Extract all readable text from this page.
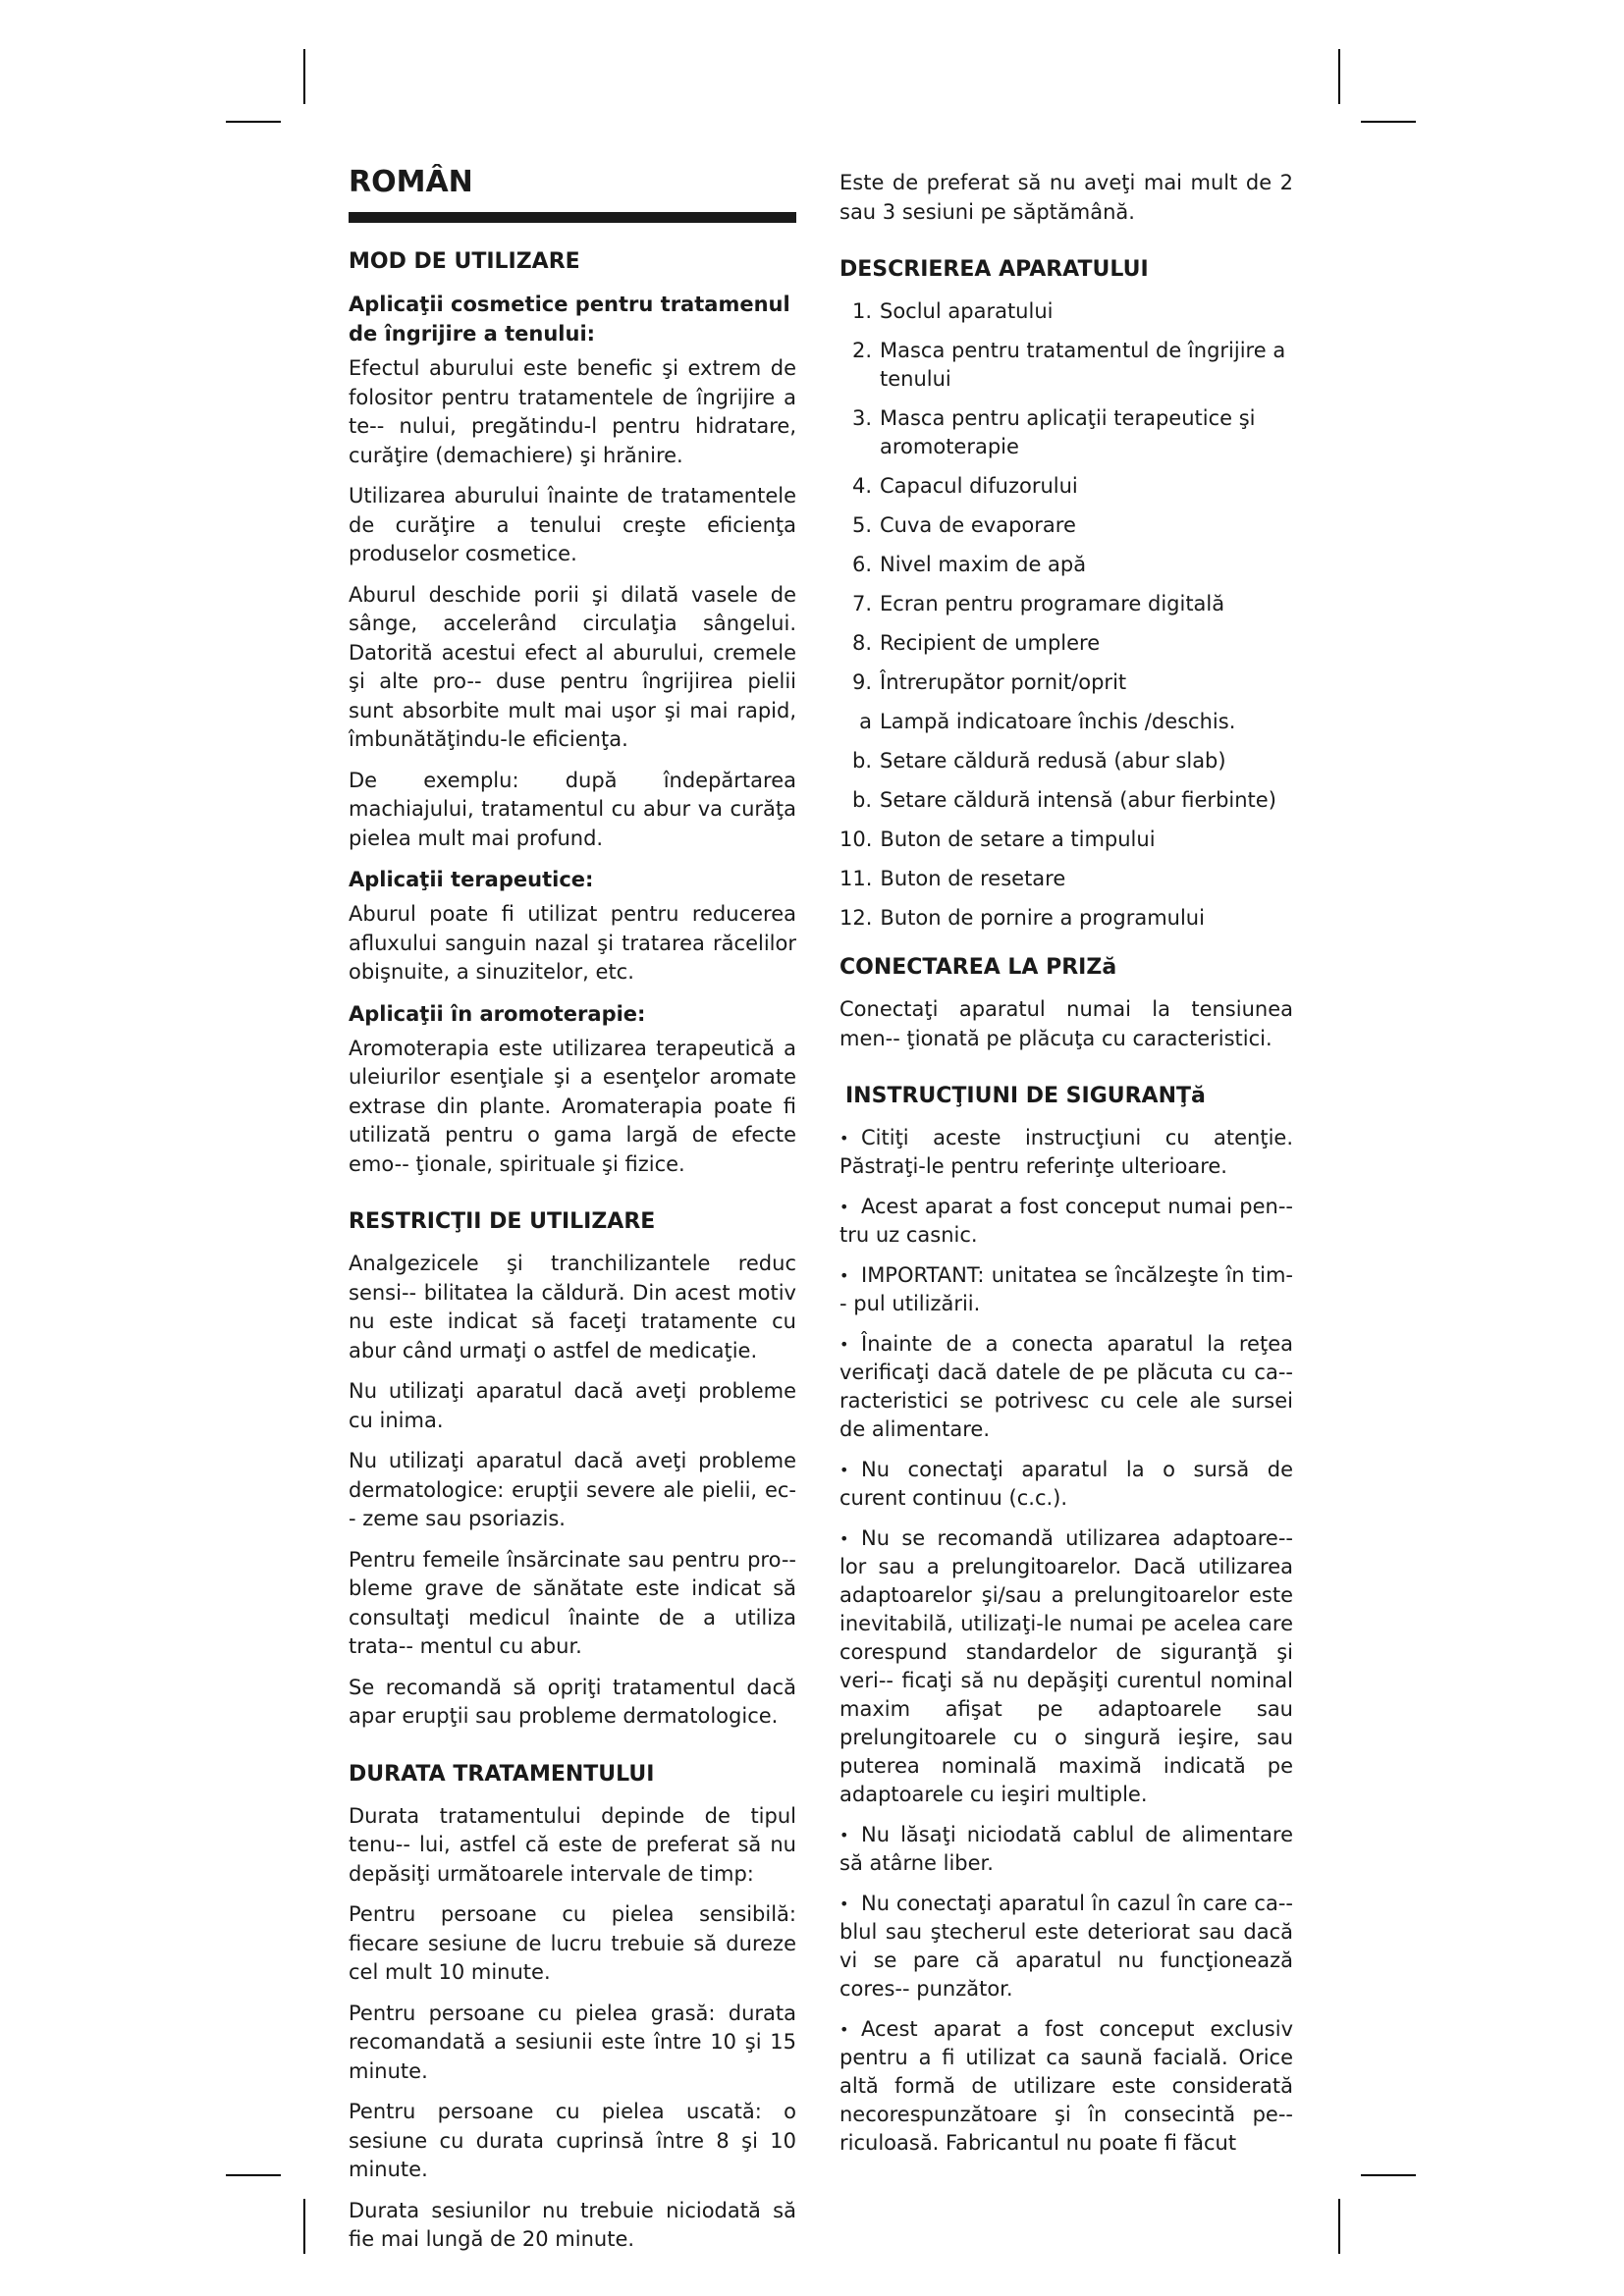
ROMÂN
MOD DE UTILIZARE
Aplicaţii cosmetice pentru tratamenul de îngrijire a tenului:

Efectul aburului este benefic şi extrem de folositor pentru tratamentele de îngrijire a te-- nului, pregătindu-l pentru hidratare, curăţire (demachiere) şi hrănire.

Utilizarea aburului înainte de tratamentele de curăţire a tenului creşte eficienţa produselor cosmetice.

Aburul deschide porii şi dilată vasele de sânge, accelerând circulaţia sângelui. Datorită acestui efect al aburului, cremele şi alte pro-- duse pentru îngrijirea pielii sunt absorbite mult mai uşor şi mai rapid, îmbunătăţindu-le eficienţa.

De exemplu: după îndepărtarea machiajului, tratamentul cu abur va curăţa pielea mult mai profund.

Aplicaţii terapeutice:

Aburul poate fi utilizat pentru reducerea afluxului sanguin nazal şi tratarea răcelilor obişnuite, a sinuzitelor, etc.

Aplicaţii în aromoterapie:

Aromoterapia este utilizarea terapeutică a uleiurilor esenţiale şi a esenţelor aromate extrase din plante. Aromaterapia poate fi utilizată pentru o gama largă de efecte emo-- ţionale, spirituale şi fizice.

RESTRICŢII DE UTILIZARE

Analgezicele şi tranchilizantele reduc sensi-- bilitatea la căldură. Din acest motiv nu este indicat să faceţi tratamente cu abur când urmaţi o astfel de medicaţie.

Nu utilizaţi aparatul dacă aveţi probleme cu inima.

Nu utilizaţi aparatul dacă aveţi probleme dermatologice: erupţii severe ale pielii, ec-- zeme sau psoriazis.

Pentru femeile însărcinate sau pentru pro-- bleme grave de sănătate este indicat să consultaţi medicul înainte de a utiliza trata-- mentul cu abur.

Se recomandă să opriţi tratamentul dacă apar erupţii sau probleme dermatologice.

DURATA TRATAMENTULUI

Durata tratamentului depinde de tipul tenu-- lui, astfel că este de preferat să nu depăsiţi următoarele intervale de timp:

Pentru persoane cu pielea sensibilă: fiecare sesiune de lucru trebuie să dureze cel mult 10 minute.

Pentru persoane cu pielea grasă: durata recomandată a sesiunii este între 10 şi 15 minute.

Pentru persoane cu pielea uscată: o sesiune cu durata cuprinsă între 8 şi 10 minute.

Durata sesiunilor nu trebuie niciodată să fie mai lungă de 20 minute.

Este de preferat să nu aveţi mai mult de 2 sau 3 sesiuni pe săptămână.

DESCRIEREA APARATULUI
1. Soclul aparatului
2. Masca pentru tratamentul de îngrijire a tenului
3. Masca pentru aplicaţii terapeutice şi aromoterapie
4. Capacul difuzorului
5. Cuva de evaporare
6. Nivel maxim de apă
7. Ecran pentru programare digitală
8. Recipient de umplere
9. Întrerupător pornit/oprit
a Lampă indicatoare închis /deschis.
b. Setare căldură redusă (abur slab)
b. Setare căldură intensă (abur fierbinte)
10. Buton de setare a timpului
11. Buton de resetare
12. Buton de pornire a programului
CONECTAREA LA PRIZă

Conectaţi aparatul numai la tensiunea men-- ţionată pe plăcuţa cu caracteristici.

INSTRUCŢIUNI DE SIGURANŢă
• Citiţi aceste instrucţiuni cu atenţie. Păstraţi-le pentru referinţe ulterioare.
• Acest aparat a fost conceput numai pen-- tru uz casnic.
• IMPORTANT: unitatea se încălzeşte în tim-- pul utilizării.
• Înainte de a conecta aparatul la reţea verificaţi dacă datele de pe plăcuta cu ca-- racteristici se potrivesc cu cele ale sursei de alimentare.
• Nu conectaţi aparatul la o sursă de curent continuu (c.c.).
• Nu se recomandă utilizarea adaptoare-- lor sau a prelungitoarelor. Dacă utilizarea adaptoarelor şi/sau a prelungitoarelor este inevitabilă, utilizaţi-le numai pe acelea care corespund standardelor de siguranţă şi veri-- ficaţi să nu depăşiţi curentul nominal maxim afişat pe adaptoarele sau prelungitoarele cu o singură ieşire, sau puterea nominală maximă indicată pe adaptoarele cu ieşiri multiple.
• Nu lăsaţi niciodată cablul de alimentare să atârne liber.
• Nu conectaţi aparatul în cazul în care ca-- blul sau ştecherul este deteriorat sau dacă vi se pare că aparatul nu funcţionează cores-- punzător.
• Acest aparat a fost conceput exclusiv pentru a fi utilizat ca saună facială. Orice altă formă de utilizare este considerată necorespunzătoare şi în consecintă pe-- riculoasă. Fabricantul nu poate fi făcut
